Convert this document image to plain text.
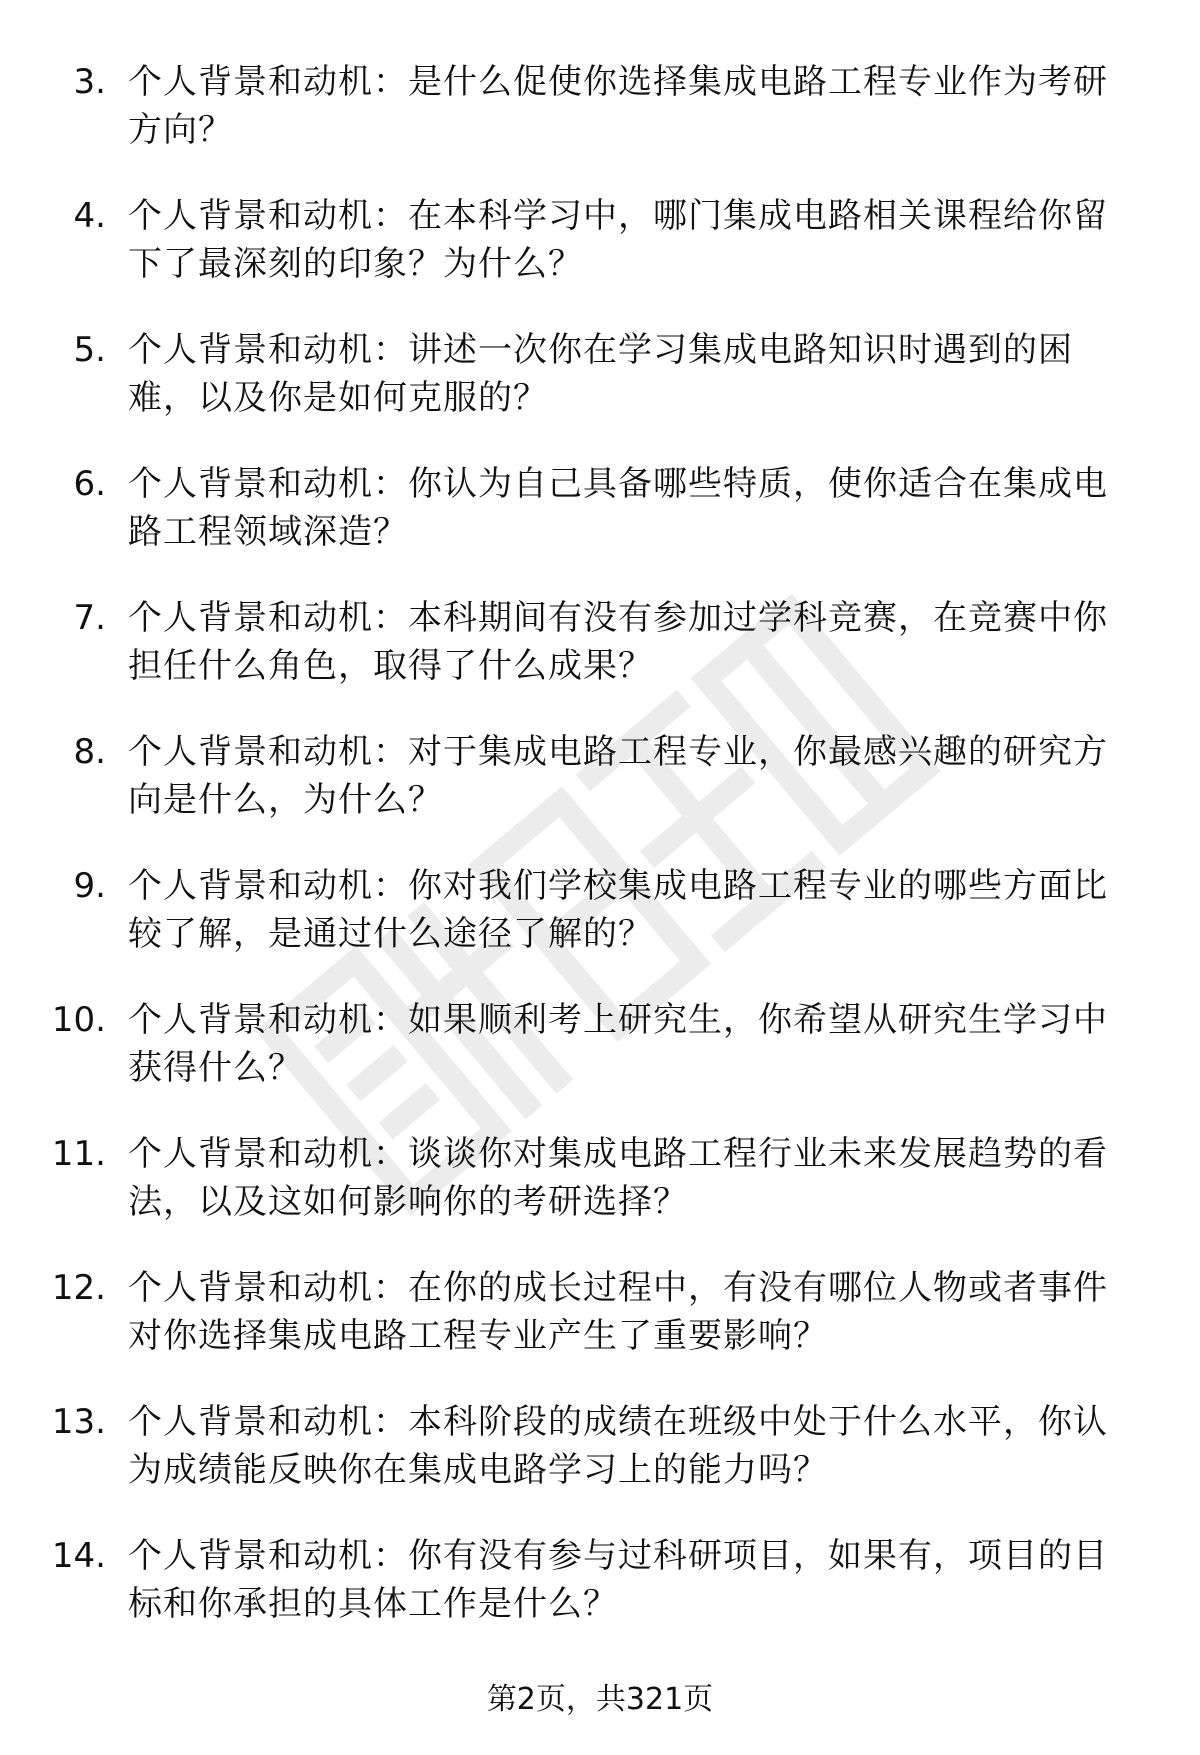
3. 个人背景和动机：是什么促使你选择集成电路工程专业作为考研方向？
4. 个人背景和动机：在本科学习中，哪门集成电路相关课程给你留下了最深刻的印象？为什么？
5. 个人背景和动机：讲述一次你在学习集成电路知识时遇到的困难，以及你是如何克服的？
6. 个人背景和动机：你认为自己具备哪些特质，使你适合在集成电路工程领域深造？
7. 个人背景和动机：本科期间有没有参加过学科竞赛，在竞赛中你担任什么角色，取得了什么成果？
8. 个人背景和动机：对于集成电路工程专业，你最感兴趣的研究方向是什么，为什么？
9. 个人背景和动机：你对我们学校集成电路工程专业的哪些方面比较了解，是通过什么途径了解的？
10. 个人背景和动机：如果顺利考上研究生，你希望从研究生学习中获得什么？
11. 个人背景和动机：谈谈你对集成电路工程行业未来发展趋势的看法，以及这如何影响你的考研选择？
12. 个人背景和动机：在你的成长过程中，有没有哪位人物或者事件对你选择集成电路工程专业产生了重要影响？
13. 个人背景和动机：本科阶段的成绩在班级中处于什么水平，你认为成绩能反映你在集成电路学习上的能力吗？
14. 个人背景和动机：你有没有参与过科研项目，如果有，项目的目标和你承担的具体工作是什么？
第2页，共321页
